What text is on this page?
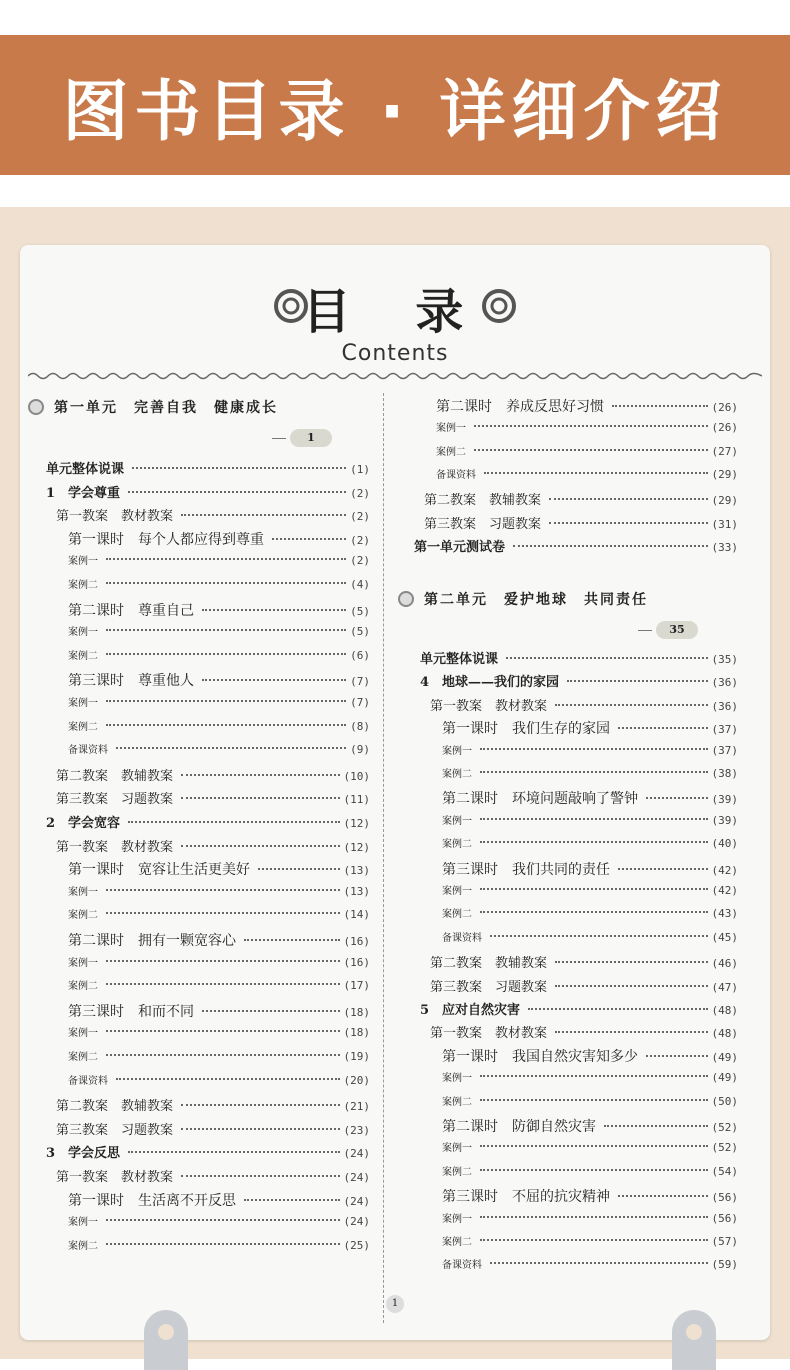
图书目录 · 详细介绍
目 录
Contents
第一单元　完善自我　健康成长
1
单元整体说课	(1)
1　学会尊重	(2)
第一教案　教材教案	(2)
第一课时　每个人都应得到尊重	(2)
案例一	(2)
案例二	(4)
第二课时　尊重自己	(5)
案例一	(5)
案例二	(6)
第三课时　尊重他人	(7)
案例一	(7)
案例二	(8)
备课资料	(9)
第二教案　教辅教案	(10)
第三教案　习题教案	(11)
2　学会宽容	(12)
第一教案　教材教案	(12)
第一课时　宽容让生活更美好	(13)
案例一	(13)
案例二	(14)
第二课时　拥有一颗宽容心	(16)
案例一	(16)
案例二	(17)
第三课时　和而不同	(18)
案例一	(18)
案例二	(19)
备课资料	(20)
第二教案　教辅教案	(21)
第三教案　习题教案	(23)
3　学会反思	(24)
第一教案　教材教案	(24)
第一课时　生活离不开反思	(24)
案例一	(24)
案例二	(25)
第二课时　养成反思好习惯	(26)
案例一	(26)
案例二	(27)
备课资料	(29)
第二教案　教辅教案	(29)
第三教案　习题教案	(31)
第一单元测试卷	(33)
第二单元　爱护地球　共同责任
35
单元整体说课	(35)
4　地球——我们的家园	(36)
第一教案　教材教案	(36)
第一课时　我们生存的家园	(37)
案例一	(37)
案例二	(38)
第二课时　环境问题敲响了警钟	(39)
案例一	(39)
案例二	(40)
第三课时　我们共同的责任	(42)
案例一	(42)
案例二	(43)
备课资料	(45)
第二教案　教辅教案	(46)
第三教案　习题教案	(47)
5　应对自然灾害	(48)
第一教案　教材教案	(48)
第一课时　我国自然灾害知多少	(49)
案例一	(49)
案例二	(50)
第二课时　防御自然灾害	(52)
案例一	(52)
案例二	(54)
第三课时　不屈的抗灾精神	(56)
案例一	(56)
案例二	(57)
备课资料	(59)
1
